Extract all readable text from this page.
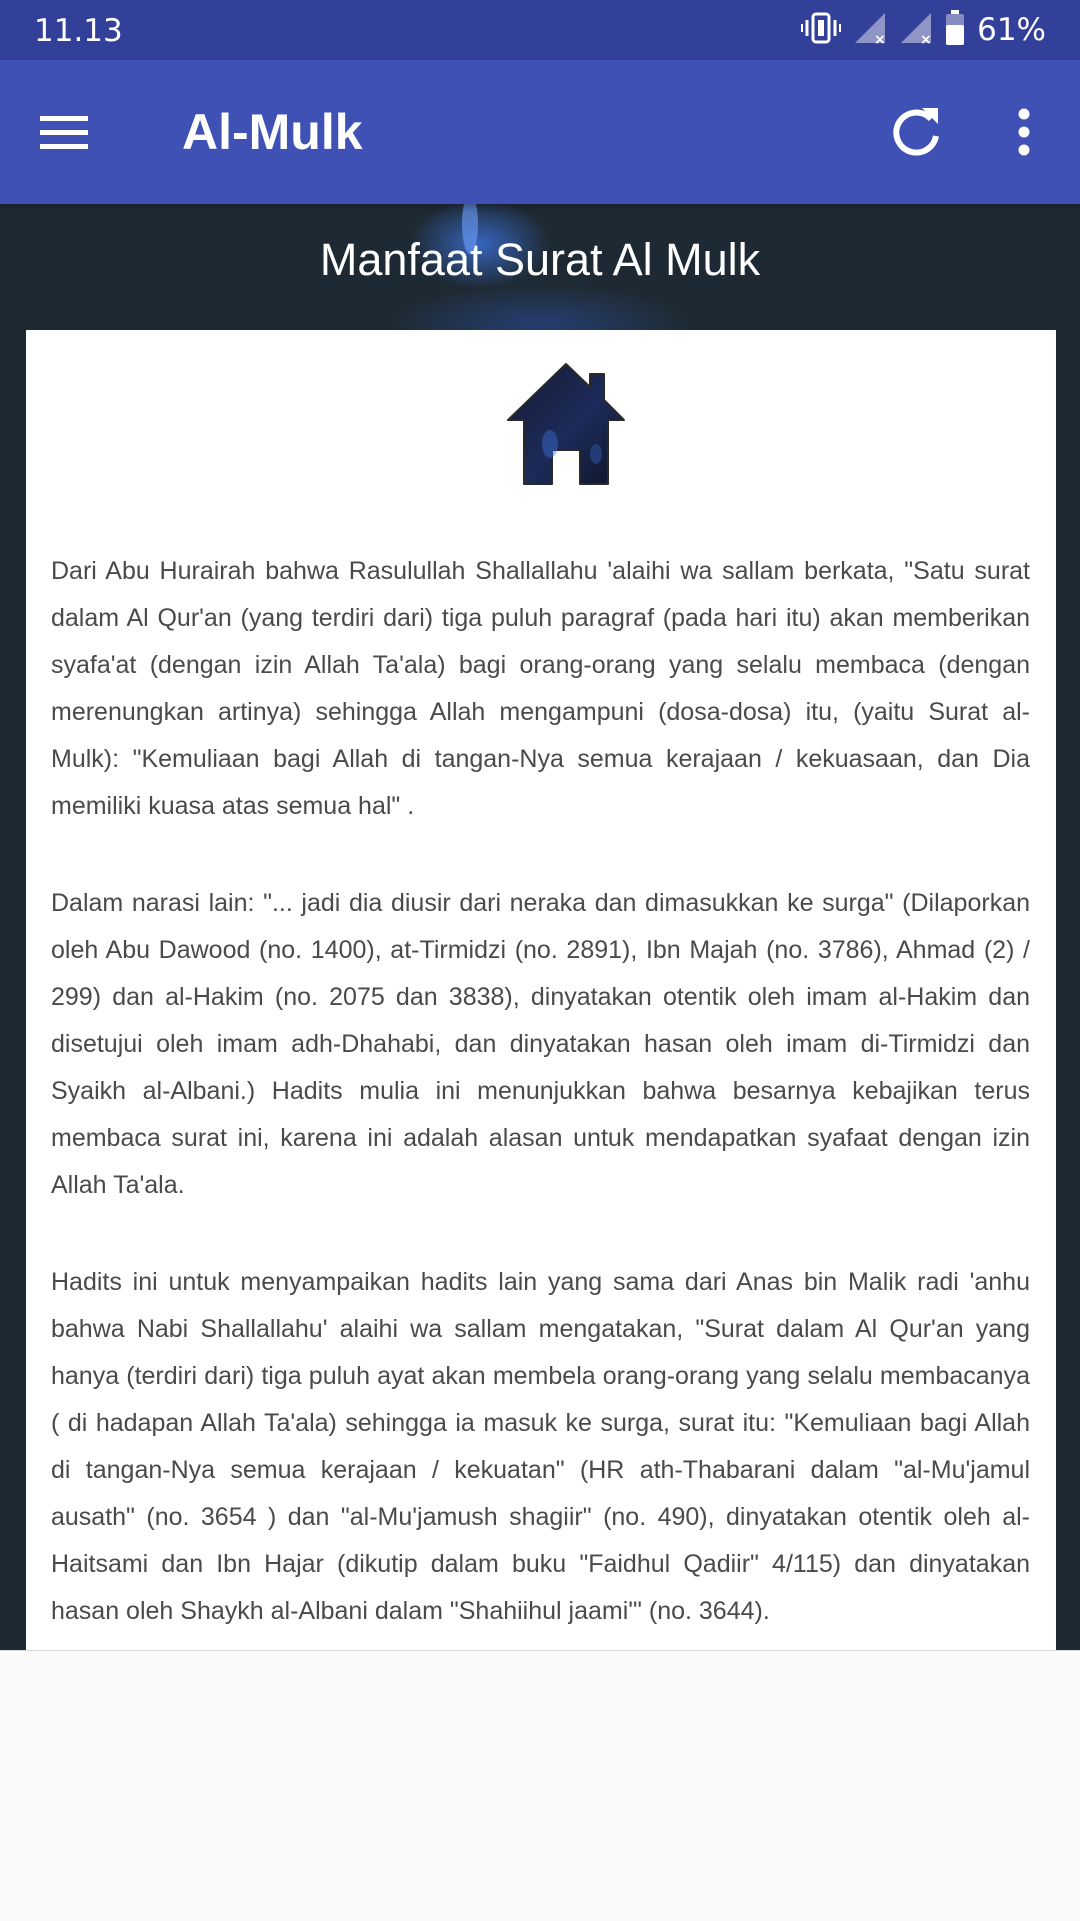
11.13	× × 61%
Al-Mulk
Manfaat Surat Al Mulk

Dari Abu Hurairah bahwa Rasulullah Shallallahu 'alaihi wa sallam berkata, "Satu surat dalam Al Qur'an (yang terdiri dari) tiga puluh paragraf (pada hari itu) akan memberikan syafa'at (dengan izin Allah Ta'ala) bagi orang-orang yang selalu membaca (dengan merenungkan artinya) sehingga Allah mengampuni (dosa-dosa) itu, (yaitu Surat al-Mulk): "Kemuliaan bagi Allah di tangan-Nya semua kerajaan / kekuasaan, dan Dia memiliki kuasa atas semua hal" .

Dalam narasi lain: "... jadi dia diusir dari neraka dan dimasukkan ke surga" (Dilaporkan oleh Abu Dawood (no. 1400), at-Tirmidzi (no. 2891), Ibn Majah (no. 3786), Ahmad (2) / 299) dan al-Hakim (no. 2075 dan 3838), dinyatakan otentik oleh imam al-Hakim dan disetujui oleh imam adh-Dhahabi, dan dinyatakan hasan oleh imam di-Tirmidzi dan Syaikh al-Albani.) Hadits mulia ini menunjukkan bahwa besarnya kebajikan terus membaca surat ini, karena ini adalah alasan untuk mendapatkan syafaat dengan izin Allah Ta'ala.

Hadits ini untuk menyampaikan hadits lain yang sama dari Anas bin Malik radi 'anhu bahwa Nabi Shallallahu' alaihi wa sallam mengatakan, "Surat dalam Al Qur'an yang hanya (terdiri dari) tiga puluh ayat akan membela orang-orang yang selalu membacanya ( di hadapan Allah Ta'ala) sehingga ia masuk ke surga, surat itu: "Kemuliaan bagi Allah di tangan-Nya semua kerajaan / kekuatan" (HR ath-Thabarani dalam "al-Mu'jamul ausath" (no. 3654 ) dan "al-Mu'jamush shagiir" (no. 490), dinyatakan otentik oleh al-Haitsami dan Ibn Hajar (dikutip dalam buku "Faidhul Qadiir" 4/115) dan dinyatakan hasan oleh Shaykh al-Albani dalam "Shahiihul jaami'" (no. 3644).
